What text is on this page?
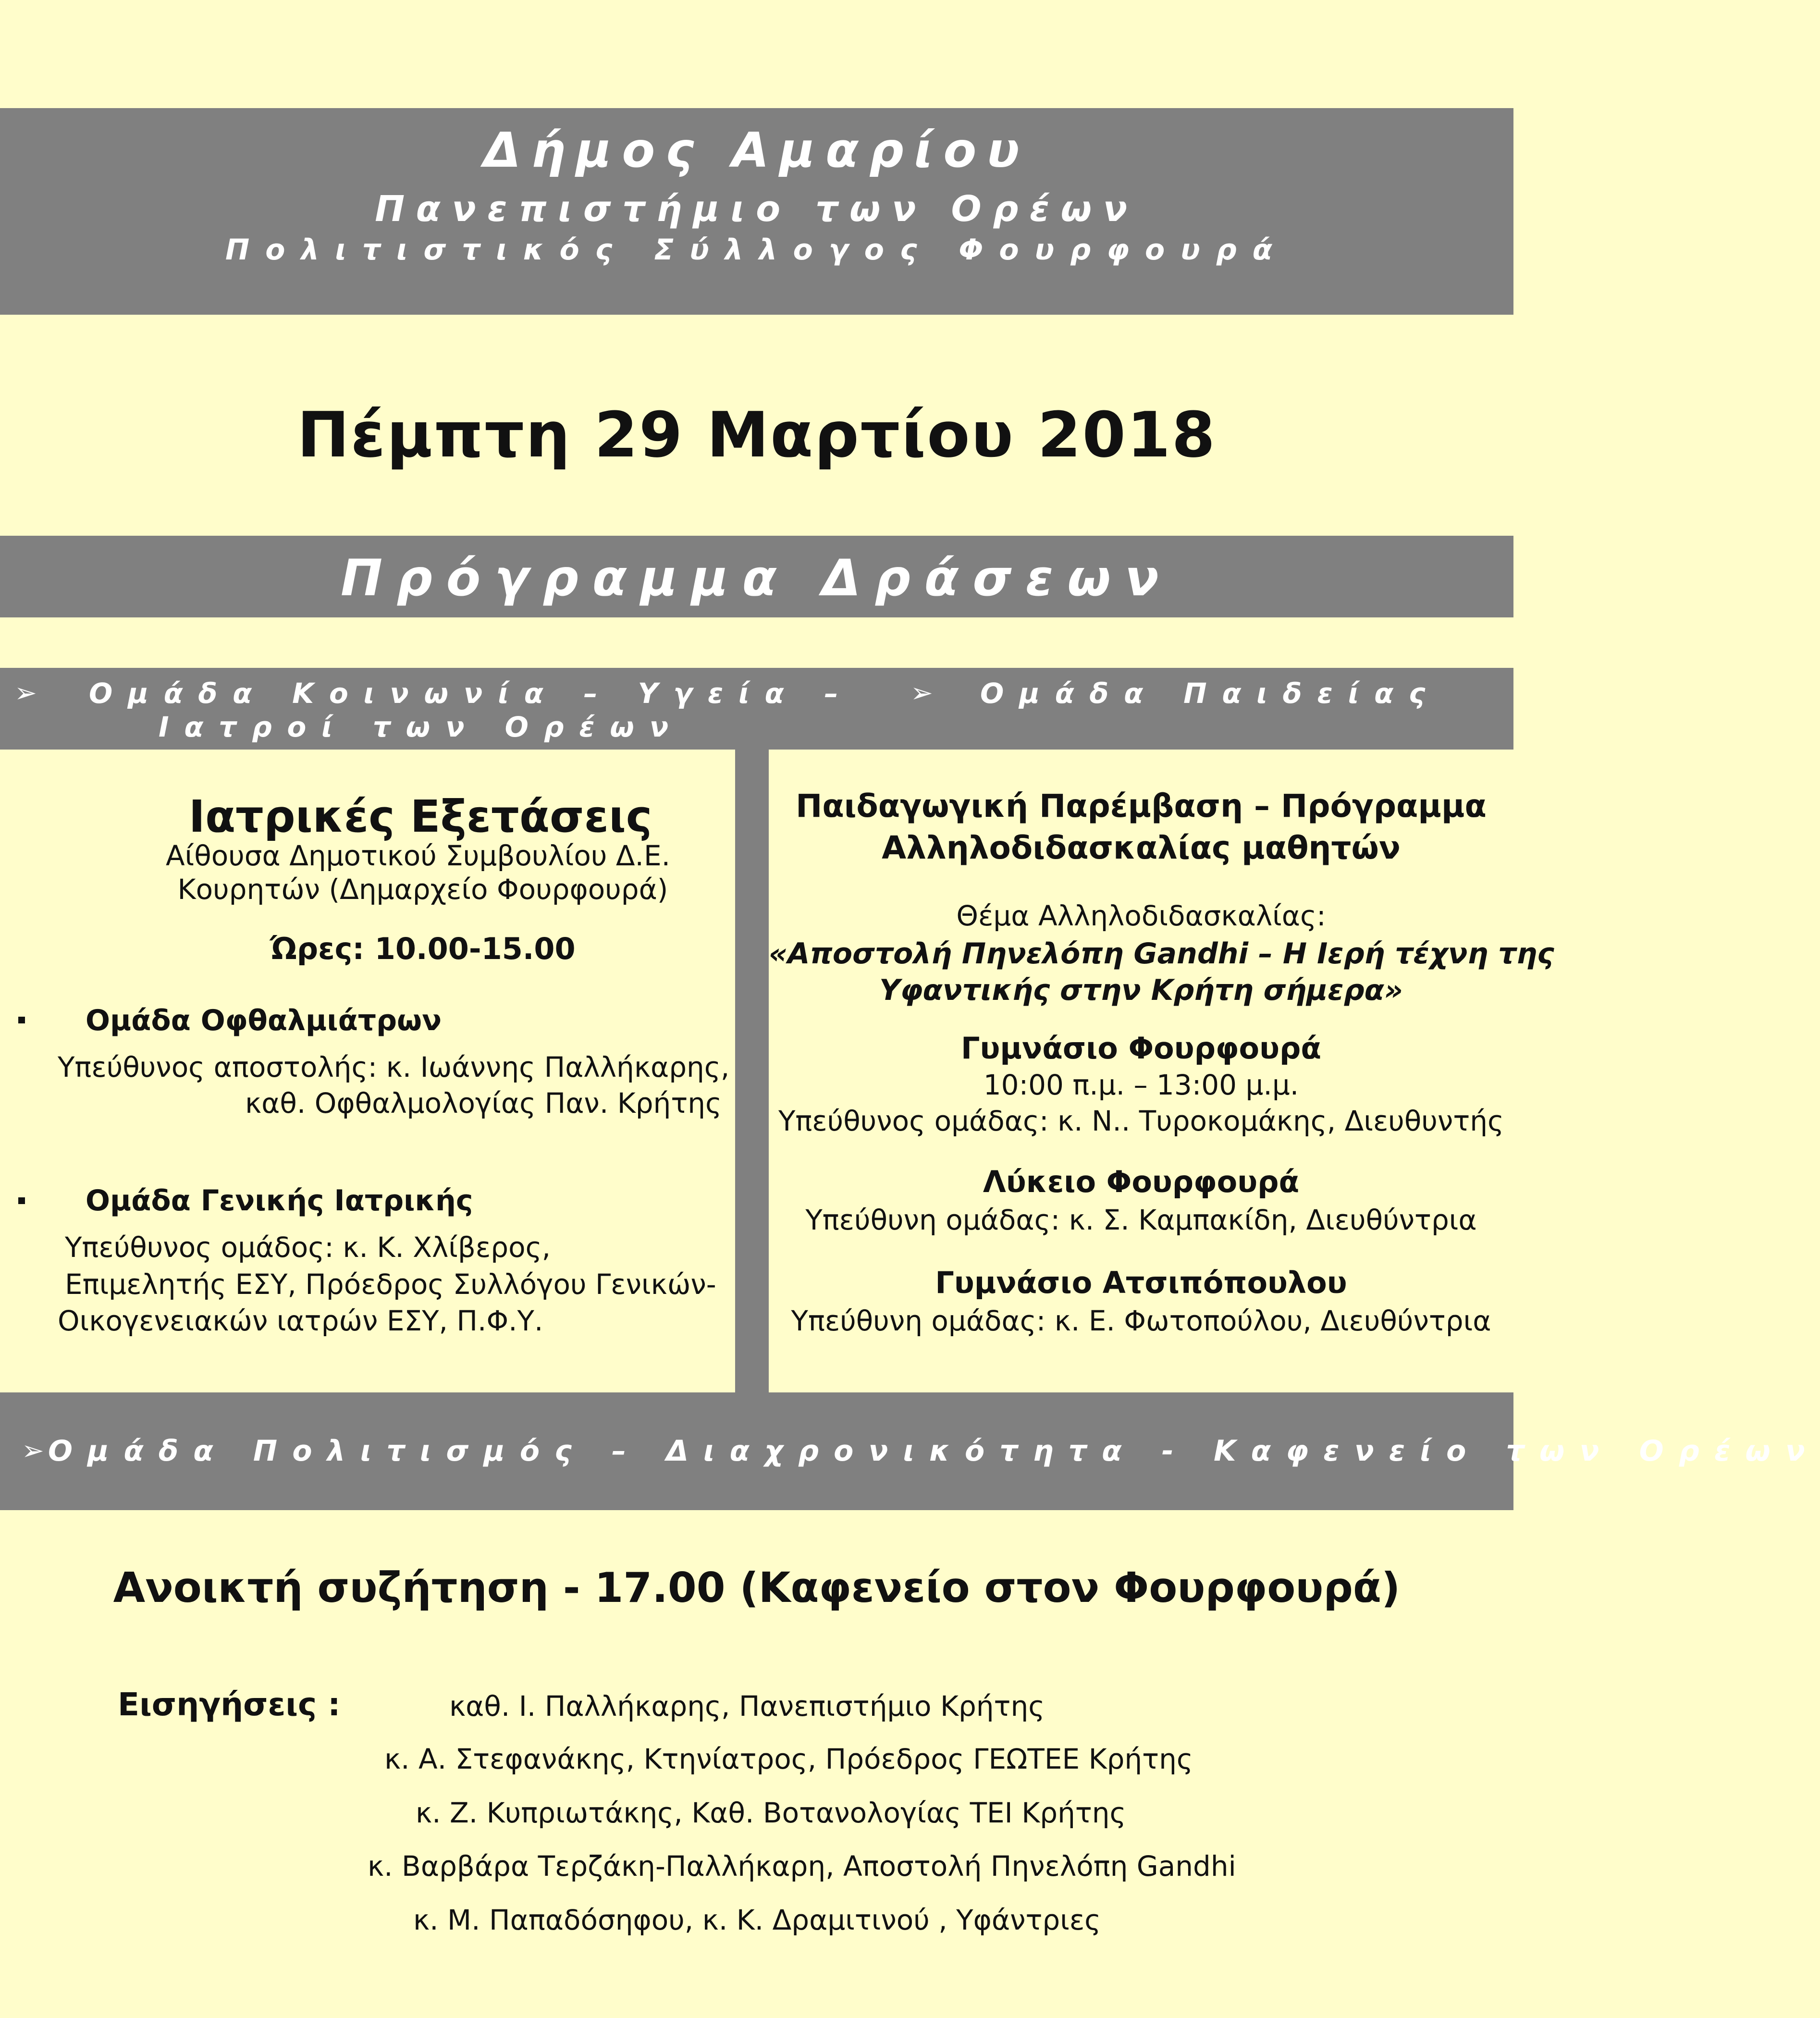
Δήμος Αμαρίου
Πανεπιστήμιο των Ορέων
Πολιτιστικός Σύλλογος Φουρφουρά
Πέμπτη 29 Μαρτίου 2018
Πρόγραμμα Δράσεων
➢ Ομάδα Κοινωνία – Υγεία –
Ιατροί των Ορέων
➢ Ομάδα Παιδείας
Ιατρικές Εξετάσεις
Αίθουσα Δημοτικού Συμβουλίου Δ.Ε.
Κουρητών (Δημαρχείο Φουρφουρά)
Ώρες: 10.00-15.00
Ομάδα Οφθαλμιάτρων
Υπεύθυνος αποστολής: κ. Ιωάννης Παλλήκαρης,
καθ. Οφθαλμολογίας Παν. Κρήτης
Ομάδα Γενικής Ιατρικής
Υπεύθυνος ομάδος: κ. Κ. Χλίβερος,
Επιμελητής ΕΣΥ, Πρόεδρος Συλλόγου Γενικών-
Οικογενειακών ιατρών ΕΣΥ, Π.Φ.Υ.
Παιδαγωγική Παρέμβαση – Πρόγραμμα
Αλληλοδιδασκαλίας μαθητών
Θέμα Αλληλοδιδασκαλίας:
«Αποστολή Πηνελόπη Gandhi – Η Ιερή τέχνη της
Υφαντικής στην Κρήτη σήμερα»
Γυμνάσιο Φουρφουρά
10:00 π.μ. – 13:00 μ.μ.
Υπεύθυνος ομάδας: κ. Ν.. Τυροκομάκης, Διευθυντής
Λύκειο Φουρφουρά
Υπεύθυνη ομάδας: κ. Σ. Καμπακίδη, Διευθύντρια
Γυμνάσιο Ατσιπόπουλου
Υπεύθυνη ομάδας: κ. Ε. Φωτοπούλου, Διευθύντρια
➢ Ομάδα Πολιτισμός – Διαχρονικότητα - Καφενείο των Ορέων
Ανοικτή συζήτηση - 17.00 (Καφενείο στον Φουρφουρά)
Εισηγήσεις :	καθ. Ι. Παλλήκαρης, Πανεπιστήμιο Κρήτης
κ. Α. Στεφανάκης, Κτηνίατρος, Πρόεδρος ΓΕΩΤΕΕ Κρήτης
κ. Ζ. Κυπριωτάκης, Καθ. Βοτανολογίας ΤΕΙ Κρήτης
κ. Βαρβάρα Τερζάκη-Παλλήκαρη, Αποστολή Πηνελόπη Gandhi
κ. Μ. Παπαδόσηφου, κ. Κ. Δραμιτινού , Υφάντριες
